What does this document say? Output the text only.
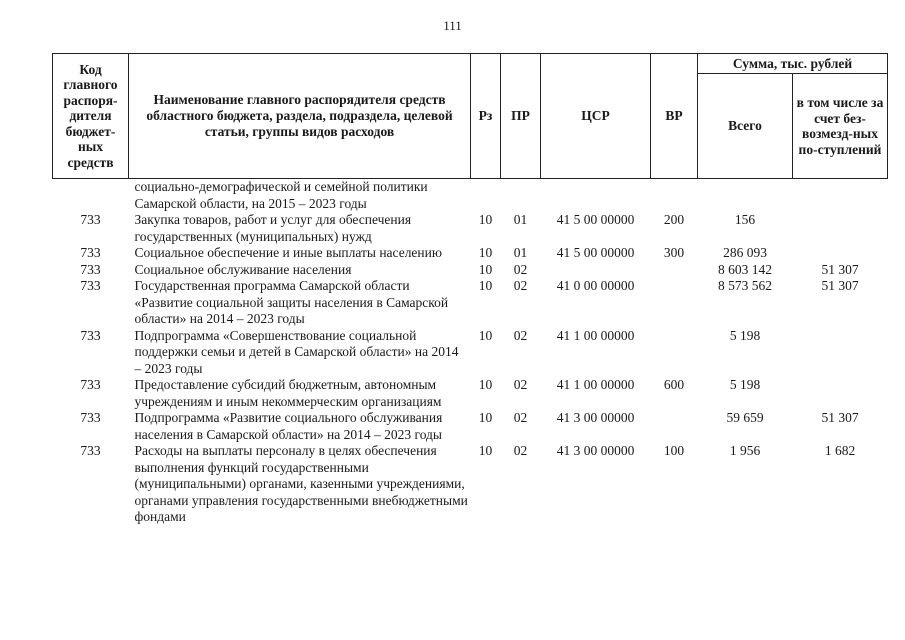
111
Код главного распоря-дителя бюджет-ных средств	Наименование главного распорядителя средств областного бюджета, раздела, подраздела, целевой статьи, группы видов расходов	Рз	ПР	ЦСР	ВР	Сумма, тыс. рублей	
						Всего	в том числе за счет без-возмезд-ных по-ступлений
	социально-демографической и семейной политики Самарской области, на 2015 – 2023 годы						
733	Закупка товаров, работ и услуг для обеспечения государственных (муниципальных) нужд	10	01	41 5 00 00000	200	156	
733	Социальное обеспечение и иные выплаты населению	10	01	41 5 00 00000	300	286 093	
733	Социальное обслуживание населения	10	02			8 603 142	51 307
733	Государственная программа Самарской области «Развитие социальной защиты населения в Самарской области» на 2014 – 2023 годы	10	02	41 0 00 00000		8 573 562	51 307
733	Подпрограмма «Совершенствование социальной поддержки семьи и детей в Самарской области» на 2014 – 2023 годы	10	02	41 1 00 00000		5 198	
733	Предоставление субсидий бюджетным, автономным учреждениям и иным некоммерческим организациям	10	02	41 1 00 00000	600	5 198	
733	Подпрограмма «Развитие социального обслуживания населения в Самарской области» на 2014 – 2023 годы	10	02	41 3 00 00000		59 659	51 307
733	Расходы на выплаты персоналу в целях обеспечения выполнения функций государственными (муниципальными) органами, казенными учреждениями, органами управления государственными внебюджетными фондами	10	02	41 3 00 00000	100	1 956	1 682
